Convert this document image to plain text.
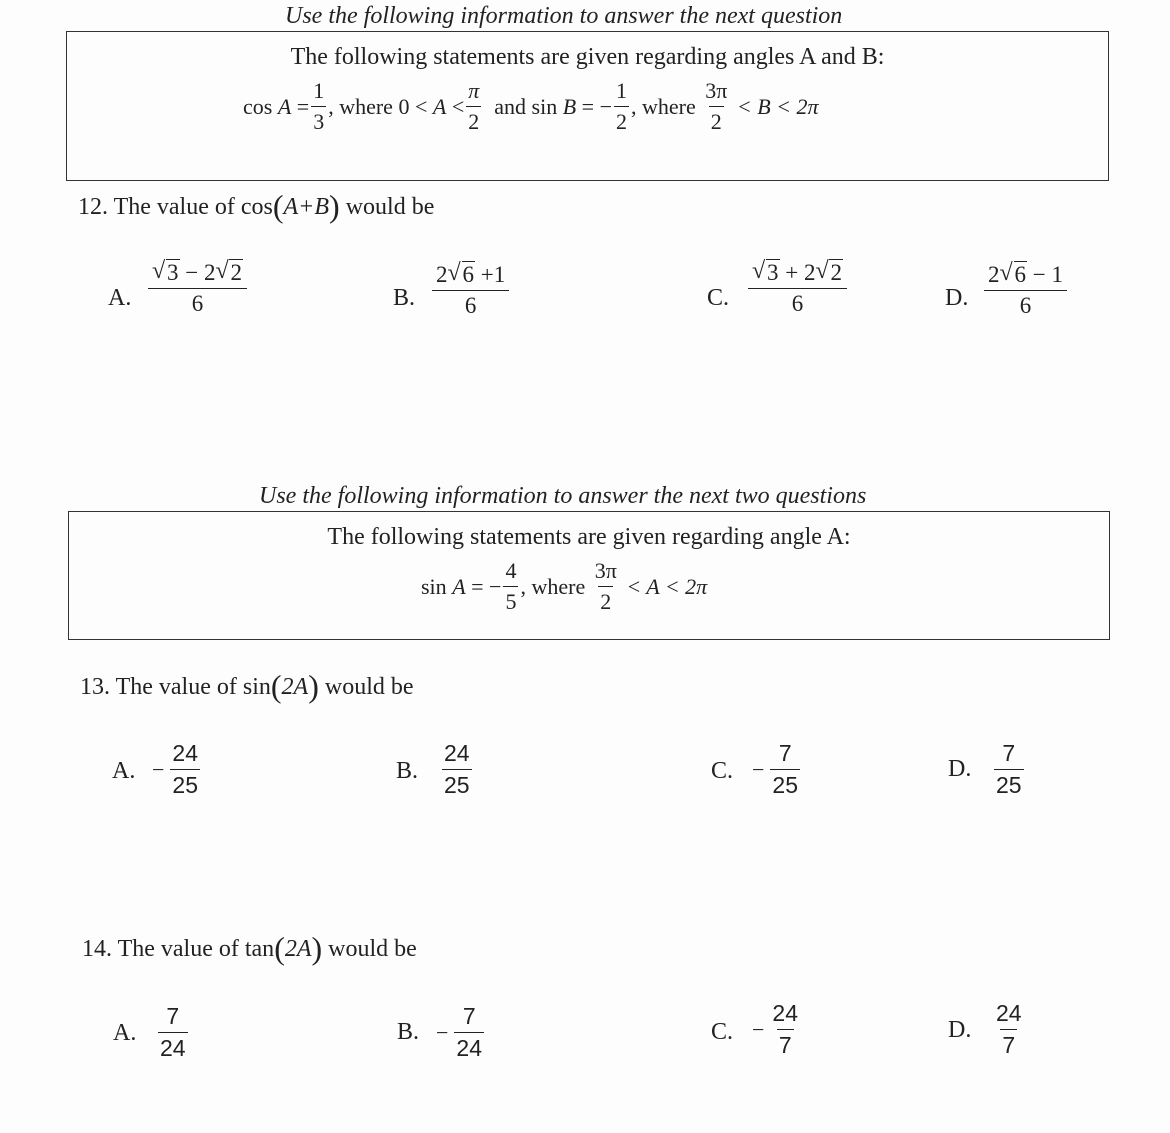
Use the following information to answer the next question
The following statements are given regarding angles A and B:
cos
A
= $\frac{1}{3}$ , where 0 <
A
< $\frac{\pi}{2}$
and sin
B
= − $\frac{1}{2}$ , where
$\frac{3\pi}{2}$
< B < 2π
12. The value of cos(A+B) would be
A. √ $\frac{3 - 2 √ 2}{6}$	B. $\frac{2 √ 6 +1}{6}$	C. √ $\frac{3 + 2 √ 2}{6}$	D. $\frac{2 √ 6 - 1}{6}$
Use the following information to answer the next two questions
The following statements are given regarding angle A:
sin
A
= − $\frac{4}{5}$ , where
$\frac{3\pi}{2}$
< A < 2π
13. The value of sin(2A) would be
A. − $\frac{24}{25}$	B. $\frac{24}{25}$	C. − $\frac{7}{25}$	D. $\frac{7}{25}$
14. The value of tan(2A) would be
A. $\frac{7}{24}$	B. − $\frac{7}{24}$	C. − $\frac{24}{7}$	D. $\frac{24}{7}$
